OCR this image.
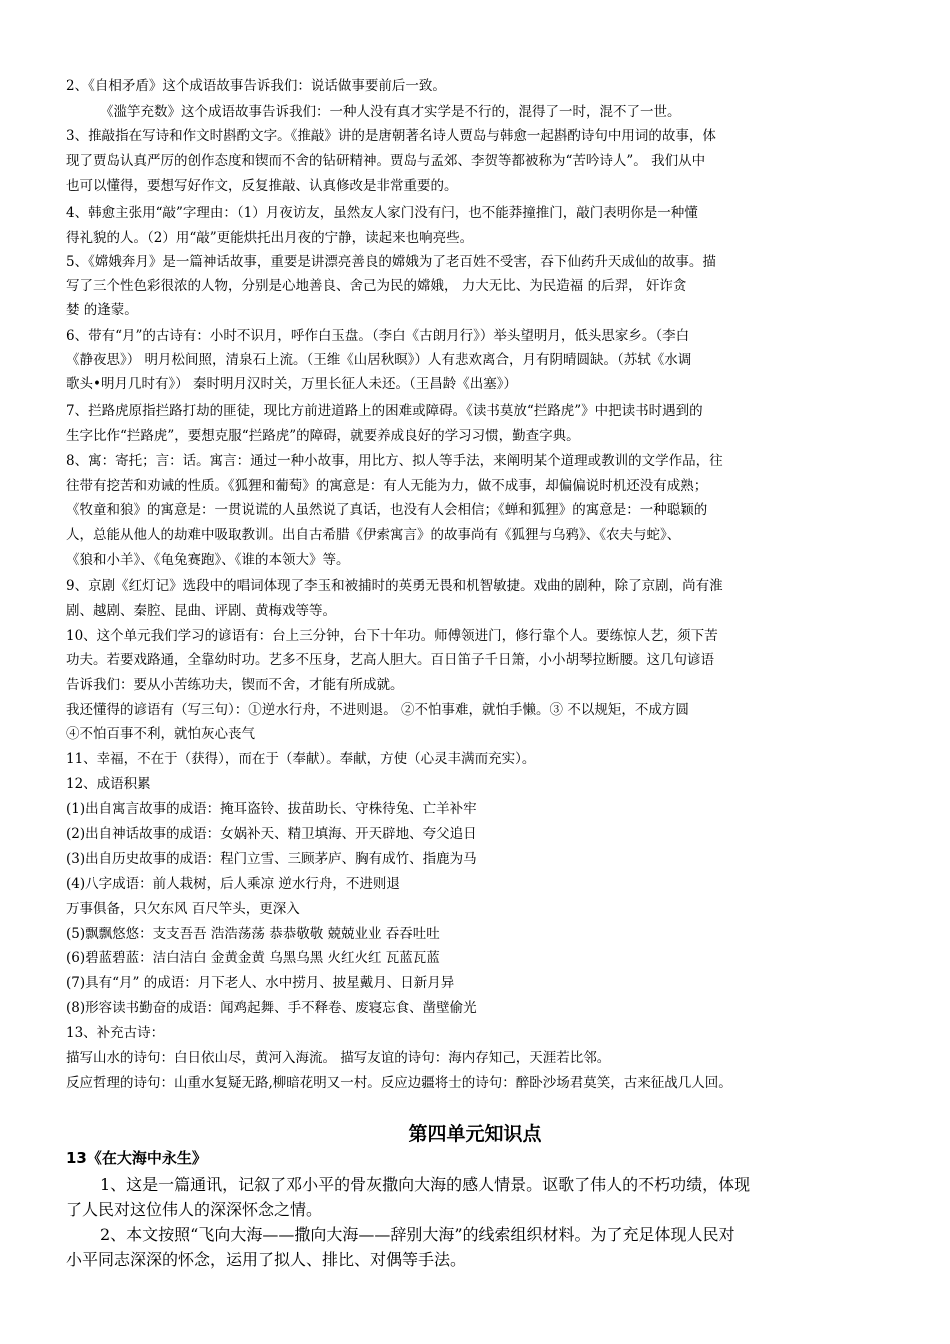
2、《自相矛盾》这个成语故事告诉我们：说话做事要前后一致。
《滥竽充数》这个成语故事告诉我们：一种人没有真才实学是不行的，混得了一时，混不了一世。
3、推敲指在写诗和作文时斟酌文字。《推敲》讲的是唐朝著名诗人贾岛与韩愈一起斟酌诗句中用词的故事，体
现了贾岛认真严厉的创作态度和锲而不舍的钻研精神。贾岛与孟郊、李贺等都被称为“苦吟诗人”。 我们从中
也可以懂得，要想写好作文，反复推敲、认真修改是非常重要的。
4、韩愈主张用“敲”字理由：（1）月夜访友，虽然友人家门没有闩，也不能莽撞推门，敲门表明你是一种懂
得礼貌的人。（2）用“敲”更能烘托出月夜的宁静，读起来也响亮些。
5、《嫦娥奔月》是一篇神话故事，重要是讲漂亮善良的嫦娥为了老百姓不受害，吞下仙药升天成仙的故事。描
写了三个性色彩很浓的人物，分别是心地善良、舍己为民的嫦娥， 力大无比、为民造福 的后羿， 奸诈贪
婪 的逢蒙。
6、带有“月”的古诗有：小时不识月，呼作白玉盘。（李白《古朗月行》）举头望明月，低头思家乡。（李白
《静夜思》） 明月松间照，清泉石上流。（王维《山居秋暝》）人有悲欢离合，月有阴晴圆缺。（苏轼《水调
歌头•明月几时有》） 秦时明月汉时关，万里长征人未还。（王昌龄《出塞》）
7、拦路虎原指拦路打劫的匪徒，现比方前进道路上的困难或障碍。《读书莫放“拦路虎”》中把读书时遇到的
生字比作“拦路虎”，要想克服“拦路虎”的障碍，就要养成良好的学习习惯，勤查字典。
8、寓：寄托；言：话。寓言：通过一种小故事，用比方、拟人等手法，来阐明某个道理或教训的文学作品，往
往带有挖苦和劝诫的性质。《狐狸和葡萄》的寓意是：有人无能为力，做不成事，却偏偏说时机还没有成熟；
《牧童和狼》的寓意是：一贯说谎的人虽然说了真话，也没有人会相信；《蝉和狐狸》的寓意是：一种聪颖的
人，总能从他人的劫难中吸取教训。出自古希腊《伊索寓言》的故事尚有《狐狸与乌鸦》、《农夫与蛇》、
《狼和小羊》、《龟兔赛跑》、《谁的本领大》等。
9、京剧《红灯记》选段中的唱词体现了李玉和被捕时的英勇无畏和机智敏捷。戏曲的剧种，除了京剧，尚有淮
剧、越剧、秦腔、昆曲、评剧、黄梅戏等等。
10、这个单元我们学习的谚语有：台上三分钟，台下十年功。师傅领进门，修行靠个人。要练惊人艺，须下苦
功夫。若要戏路通，全靠幼时功。艺多不压身，艺高人胆大。百日笛子千日箫，小小胡琴拉断腰。这几句谚语
告诉我们：要从小苦练功夫，锲而不舍，才能有所成就。
我还懂得的谚语有（写三句）：①逆水行舟，不进则退。 ②不怕事难，就怕手懒。③ 不以规矩，不成方圆
④不怕百事不利，就怕灰心丧气
11、幸福，不在于（获得），而在于（奉献）。奉献，方使（心灵丰满而充实）。
12、成语积累
(1)出自寓言故事的成语：掩耳盗铃、拔苗助长、守株待兔、亡羊补牢
(2)出自神话故事的成语：女娲补天、精卫填海、开天辟地、夸父追日
(3)出自历史故事的成语：程门立雪、三顾茅庐、胸有成竹、指鹿为马
(4)八字成语：前人栽树，后人乘凉 逆水行舟，不进则退
万事俱备，只欠东风 百尺竿头，更深入
(5)飘飘悠悠：支支吾吾 浩浩荡荡 恭恭敬敬 兢兢业业 吞吞吐吐
(6)碧蓝碧蓝：洁白洁白 金黄金黄 乌黑乌黑 火红火红 瓦蓝瓦蓝
(7)具有“月” 的成语：月下老人、水中捞月、披星戴月、日新月异
(8)形容读书勤奋的成语：闻鸡起舞、手不释卷、废寝忘食、凿壁偷光
13、补充古诗：
描写山水的诗句：白日依山尽，黄河入海流。 描写友谊的诗句：海内存知己，天涯若比邻。
反应哲理的诗句：山重水复疑无路,柳暗花明又一村。反应边疆将士的诗句：醉卧沙场君莫笑，古来征战几人回。
第四单元知识点
13《在大海中永生》
1、这是一篇通讯，记叙了邓小平的骨灰撒向大海的感人情景。讴歌了伟人的不朽功绩，体现
了人民对这位伟人的深深怀念之情。
2、本文按照“飞向大海——撒向大海——辞别大海”的线索组织材料。为了充足体现人民对
小平同志深深的怀念，运用了拟人、排比、对偶等手法。
